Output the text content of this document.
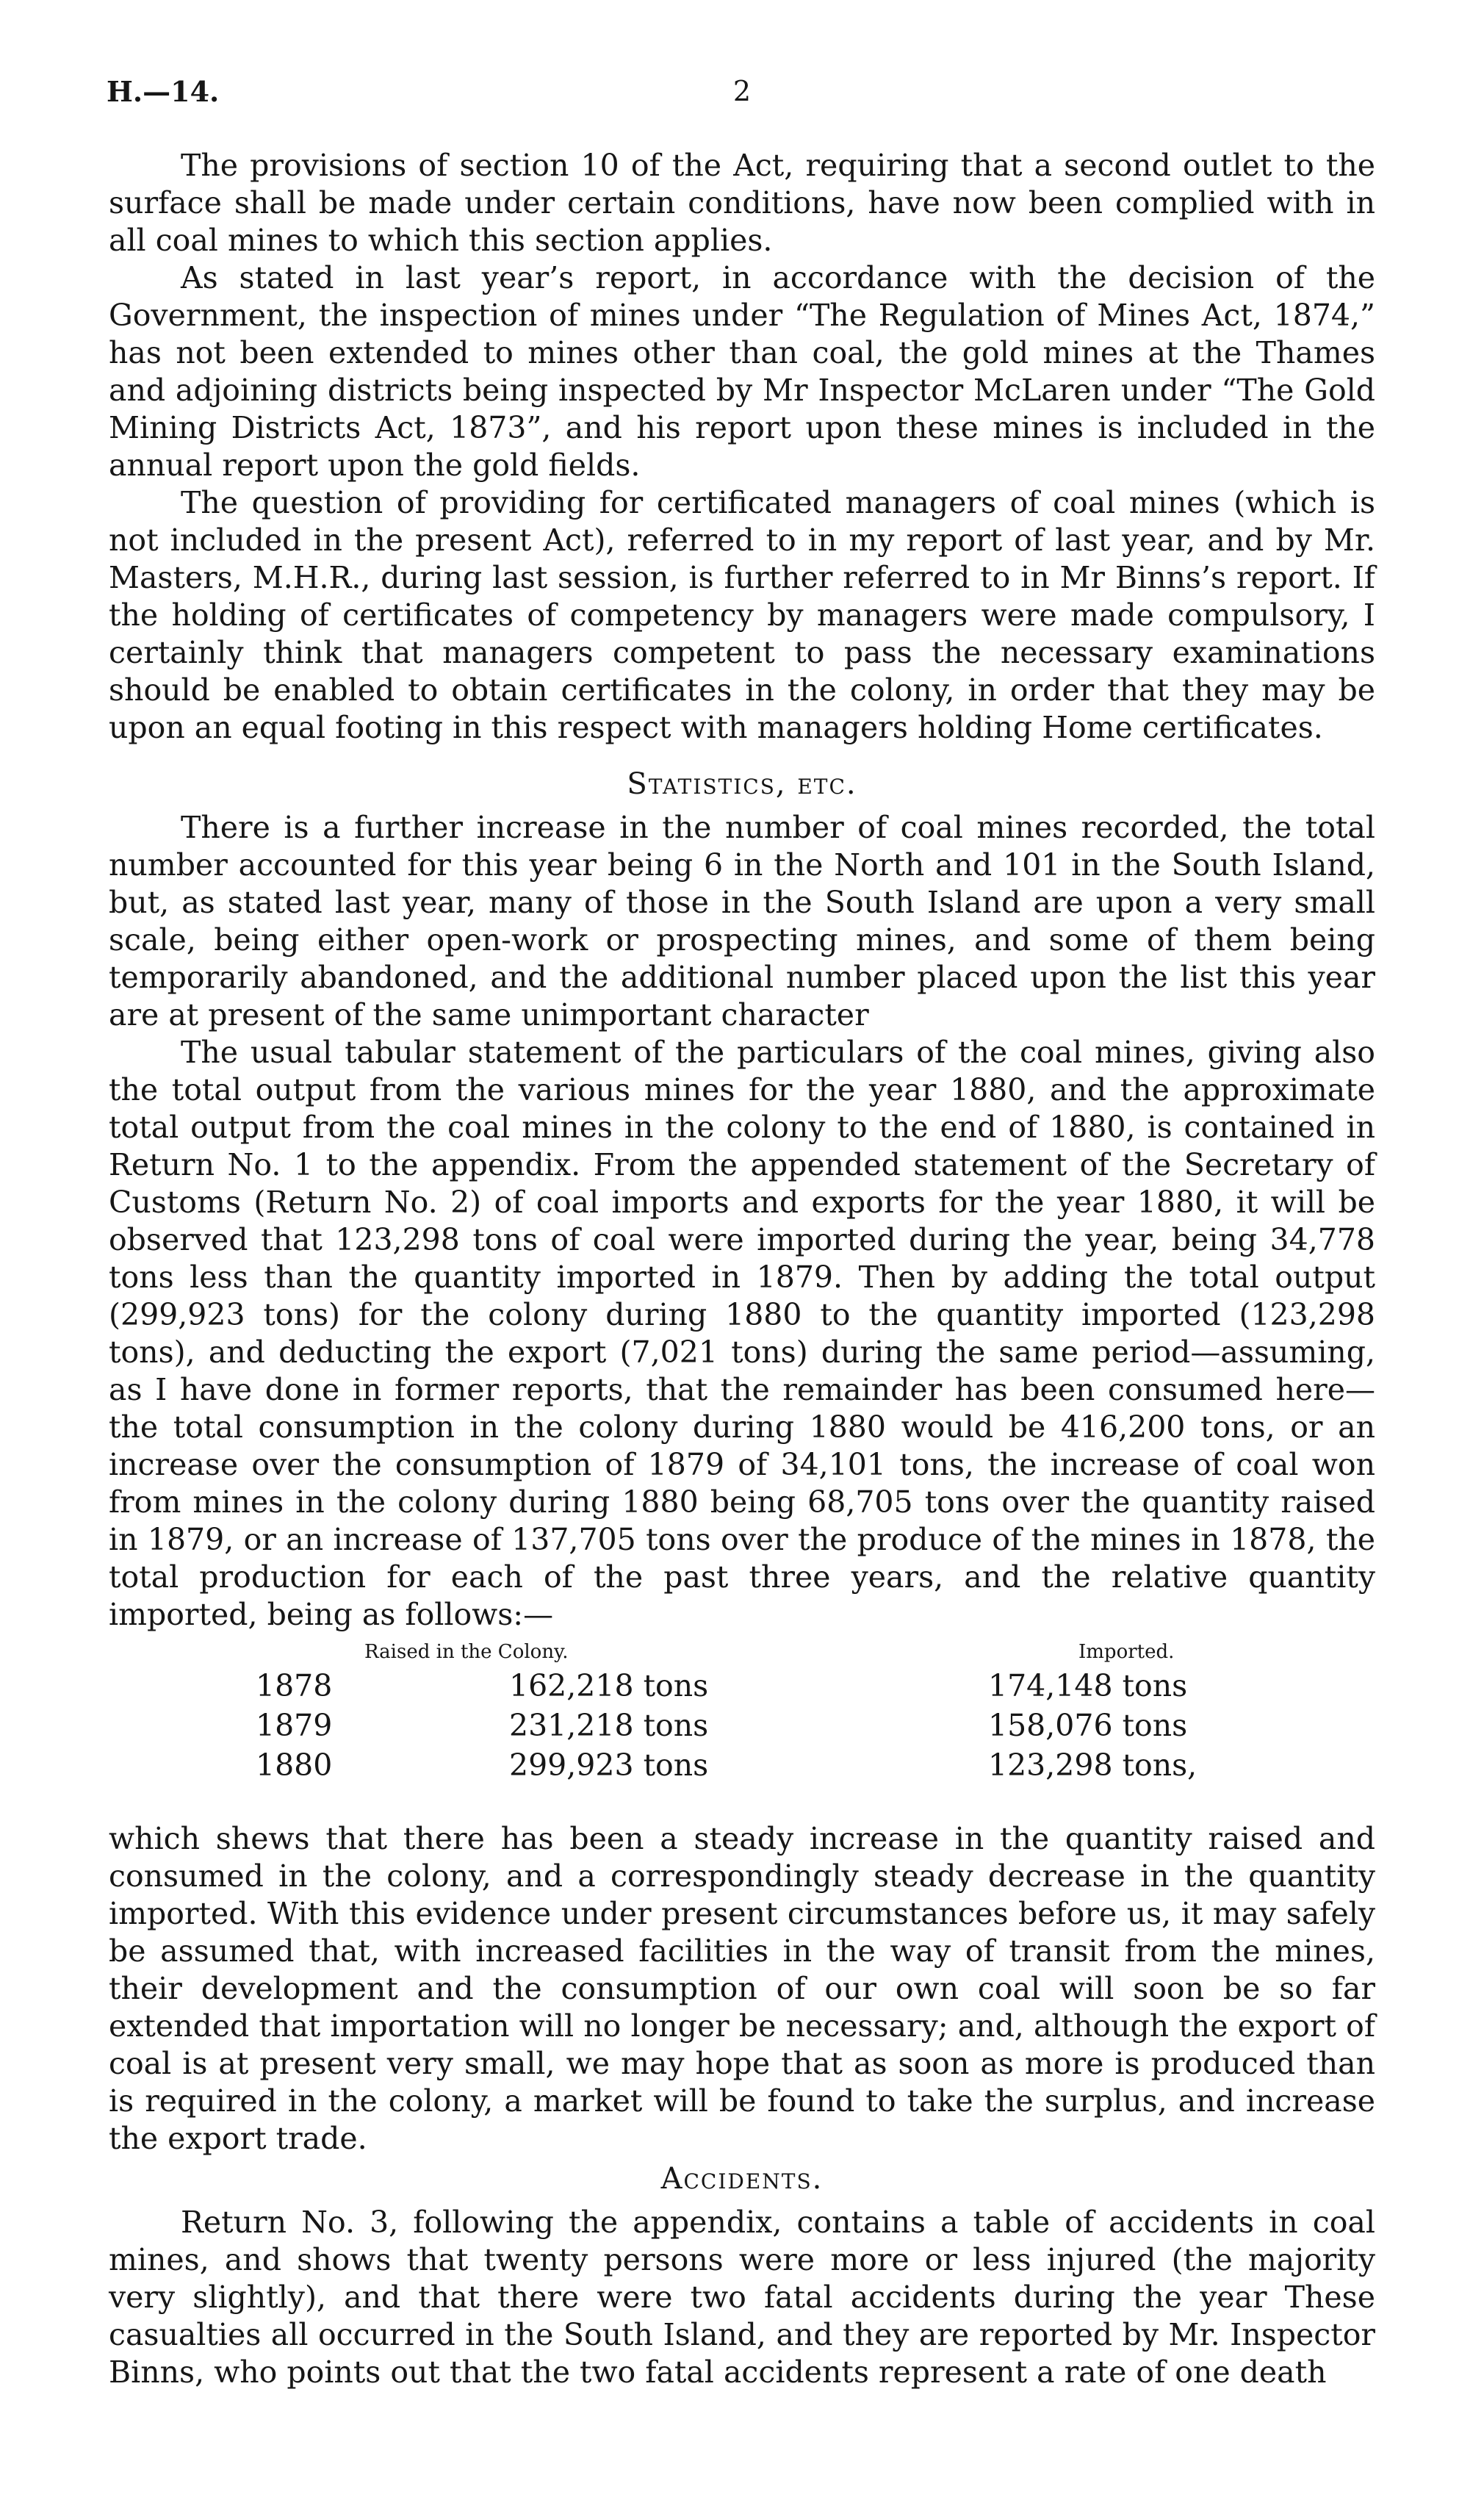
H.—14.	2

The provisions of section 10 of the Act, requiring that a second outlet to the surface shall be made under certain conditions, have now been complied with in all coal mines to which this section applies.

As stated in last year’s report, in accordance with the decision of the Government, the inspection of mines under “The Regulation of Mines Act, 1874,” has not been extended to mines other than coal, the gold mines at the Thames and adjoining districts being inspected by Mr Inspector McLaren under “The Gold Mining Districts Act, 1873”, and his report upon these mines is included in the annual report upon the gold fields.

The question of providing for certificated managers of coal mines (which is not included in the present Act), referred to in my report of last year, and by Mr. Masters, M.H.R., during last session, is further referred to in Mr Binns’s report. If the holding of certificates of competency by managers were made compulsory, I certainly think that managers competent to pass the necessary examinations should be enabled to obtain certificates in the colony, in order that they may be upon an equal footing in this respect with managers holding Home certificates.

Statistics, etc.

There is a further increase in the number of coal mines recorded, the total number accounted for this year being 6 in the North and 101 in the South Island, but, as stated last year, many of those in the South Island are upon a very small scale, being either open-work or prospecting mines, and some of them being temporarily abandoned, and the additional number placed upon the list this year are at present of the same unimportant character

The usual tabular statement of the particulars of the coal mines, giving also the total output from the various mines for the year 1880, and the approximate total output from the coal mines in the colony to the end of 1880, is contained in Return No. 1 to the appendix. From the appended statement of the Secretary of Customs (Return No. 2) of coal imports and exports for the year 1880, it will be observed that 123,298 tons of coal were imported during the year, being 34,778 tons less than the quantity imported in 1879. Then by adding the total output (299,923 tons) for the colony during 1880 to the quantity imported (123,298 tons), and deducting the export (7,021 tons) during the same period—assuming, as I have done in former reports, that the remainder has been consumed here—the total consumption in the colony during 1880 would be 416,200 tons, or an increase over the consumption of 1879 of 34,101 tons, the increase of coal won from mines in the colony during 1880 being 68,705 tons over the quantity raised in 1879, or an increase of 137,705 tons over the produce of the mines in 1878, the total production for each of the past three years, and the relative quantity imported, being as follows:—

Raised in the Colony.	Imported.
1878	162,218 tons	174,148 tons
1879	231,218 tons	158,076 tons
1880	299,923 tons	123,298 tons,

which shews that there has been a steady increase in the quantity raised and consumed in the colony, and a correspondingly steady decrease in the quantity imported. With this evidence under present circumstances before us, it may safely be assumed that, with increased facilities in the way of transit from the mines, their development and the consumption of our own coal will soon be so far extended that importation will no longer be necessary; and, although the export of coal is at present very small, we may hope that as soon as more is produced than is required in the colony, a market will be found to take the surplus, and increase the export trade.

Accidents.

Return No. 3, following the appendix, contains a table of accidents in coal mines, and shows that twenty persons were more or less injured (the majority very slightly), and that there were two fatal accidents during the year These casualties all occurred in the South Island, and they are reported by Mr. Inspector Binns, who points out that the two fatal accidents represent a rate of one death
